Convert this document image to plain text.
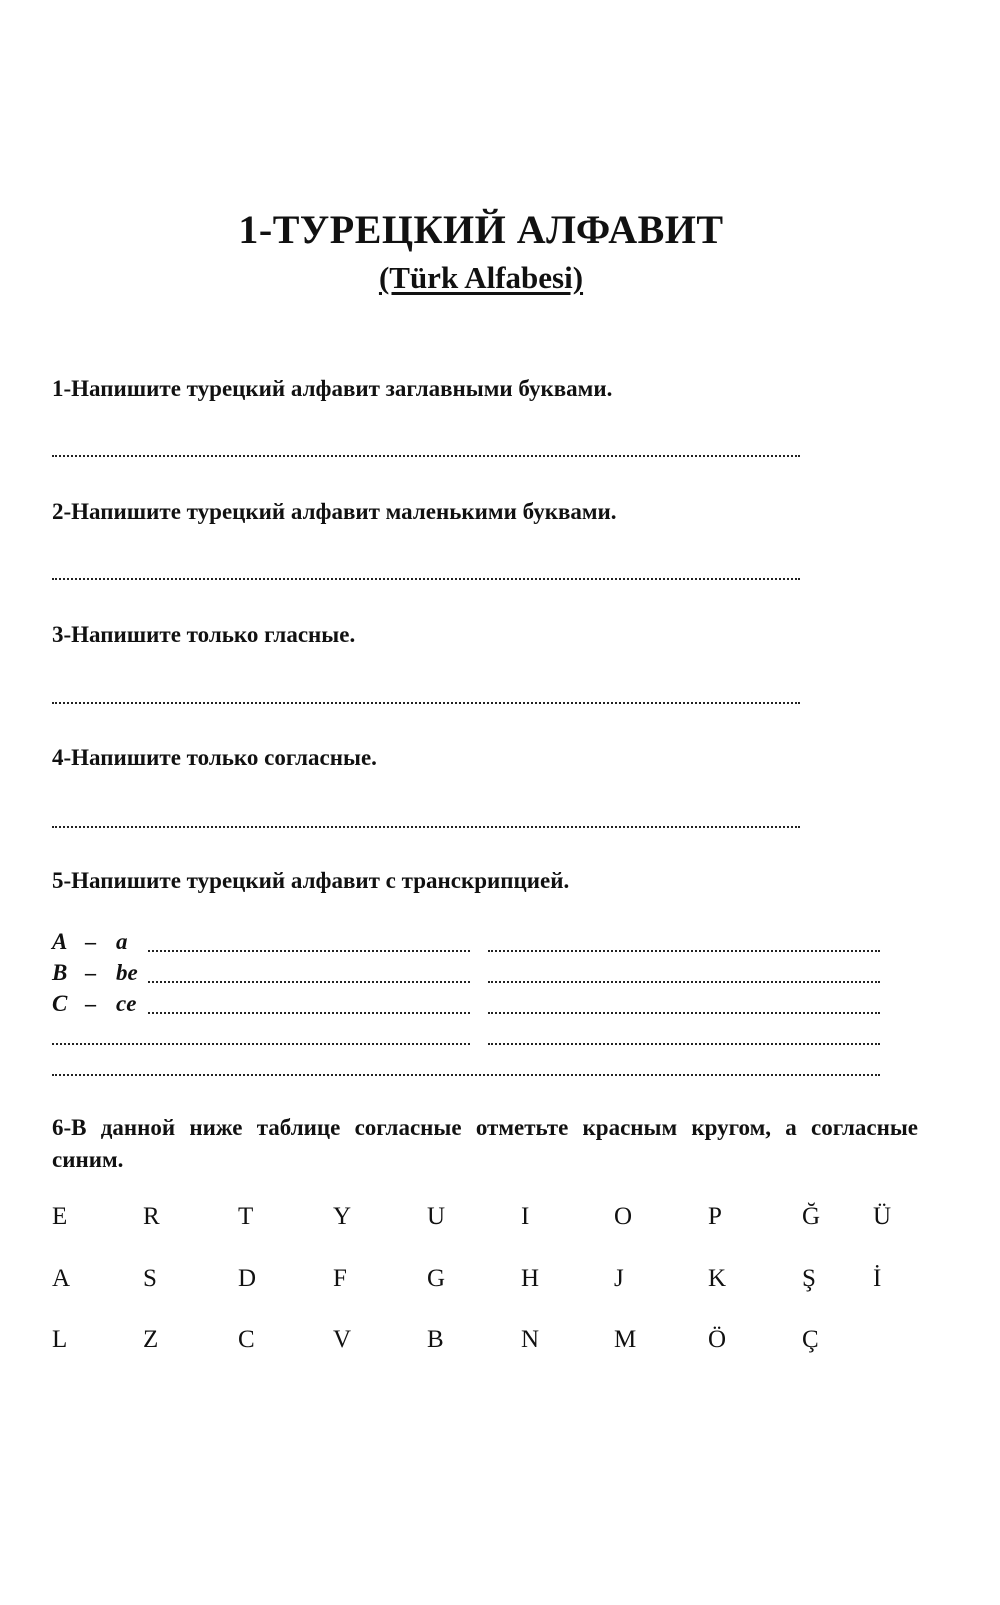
1-ТУРЕЦКИЙ АЛФАВИТ
(Türk Alfabesi)
1-Напишите турецкий алфавит заглавными буквами.
2-Напишите турецкий алфавит маленькими буквами.
3-Напишите только гласные.
4-Напишите только согласные.
5-Напишите турецкий алфавит с транскрипцией.
A – a
B – be
C – ce
6-В данной ниже таблице согласные отметьте красным кругом, а согласные синим.
E	R	T	Y	U	I	O	P	Ğ Ü
A	S	D	F	G	H	J	K	Ş İ
L	Z	C	V	B	N	M	Ö	Ç
